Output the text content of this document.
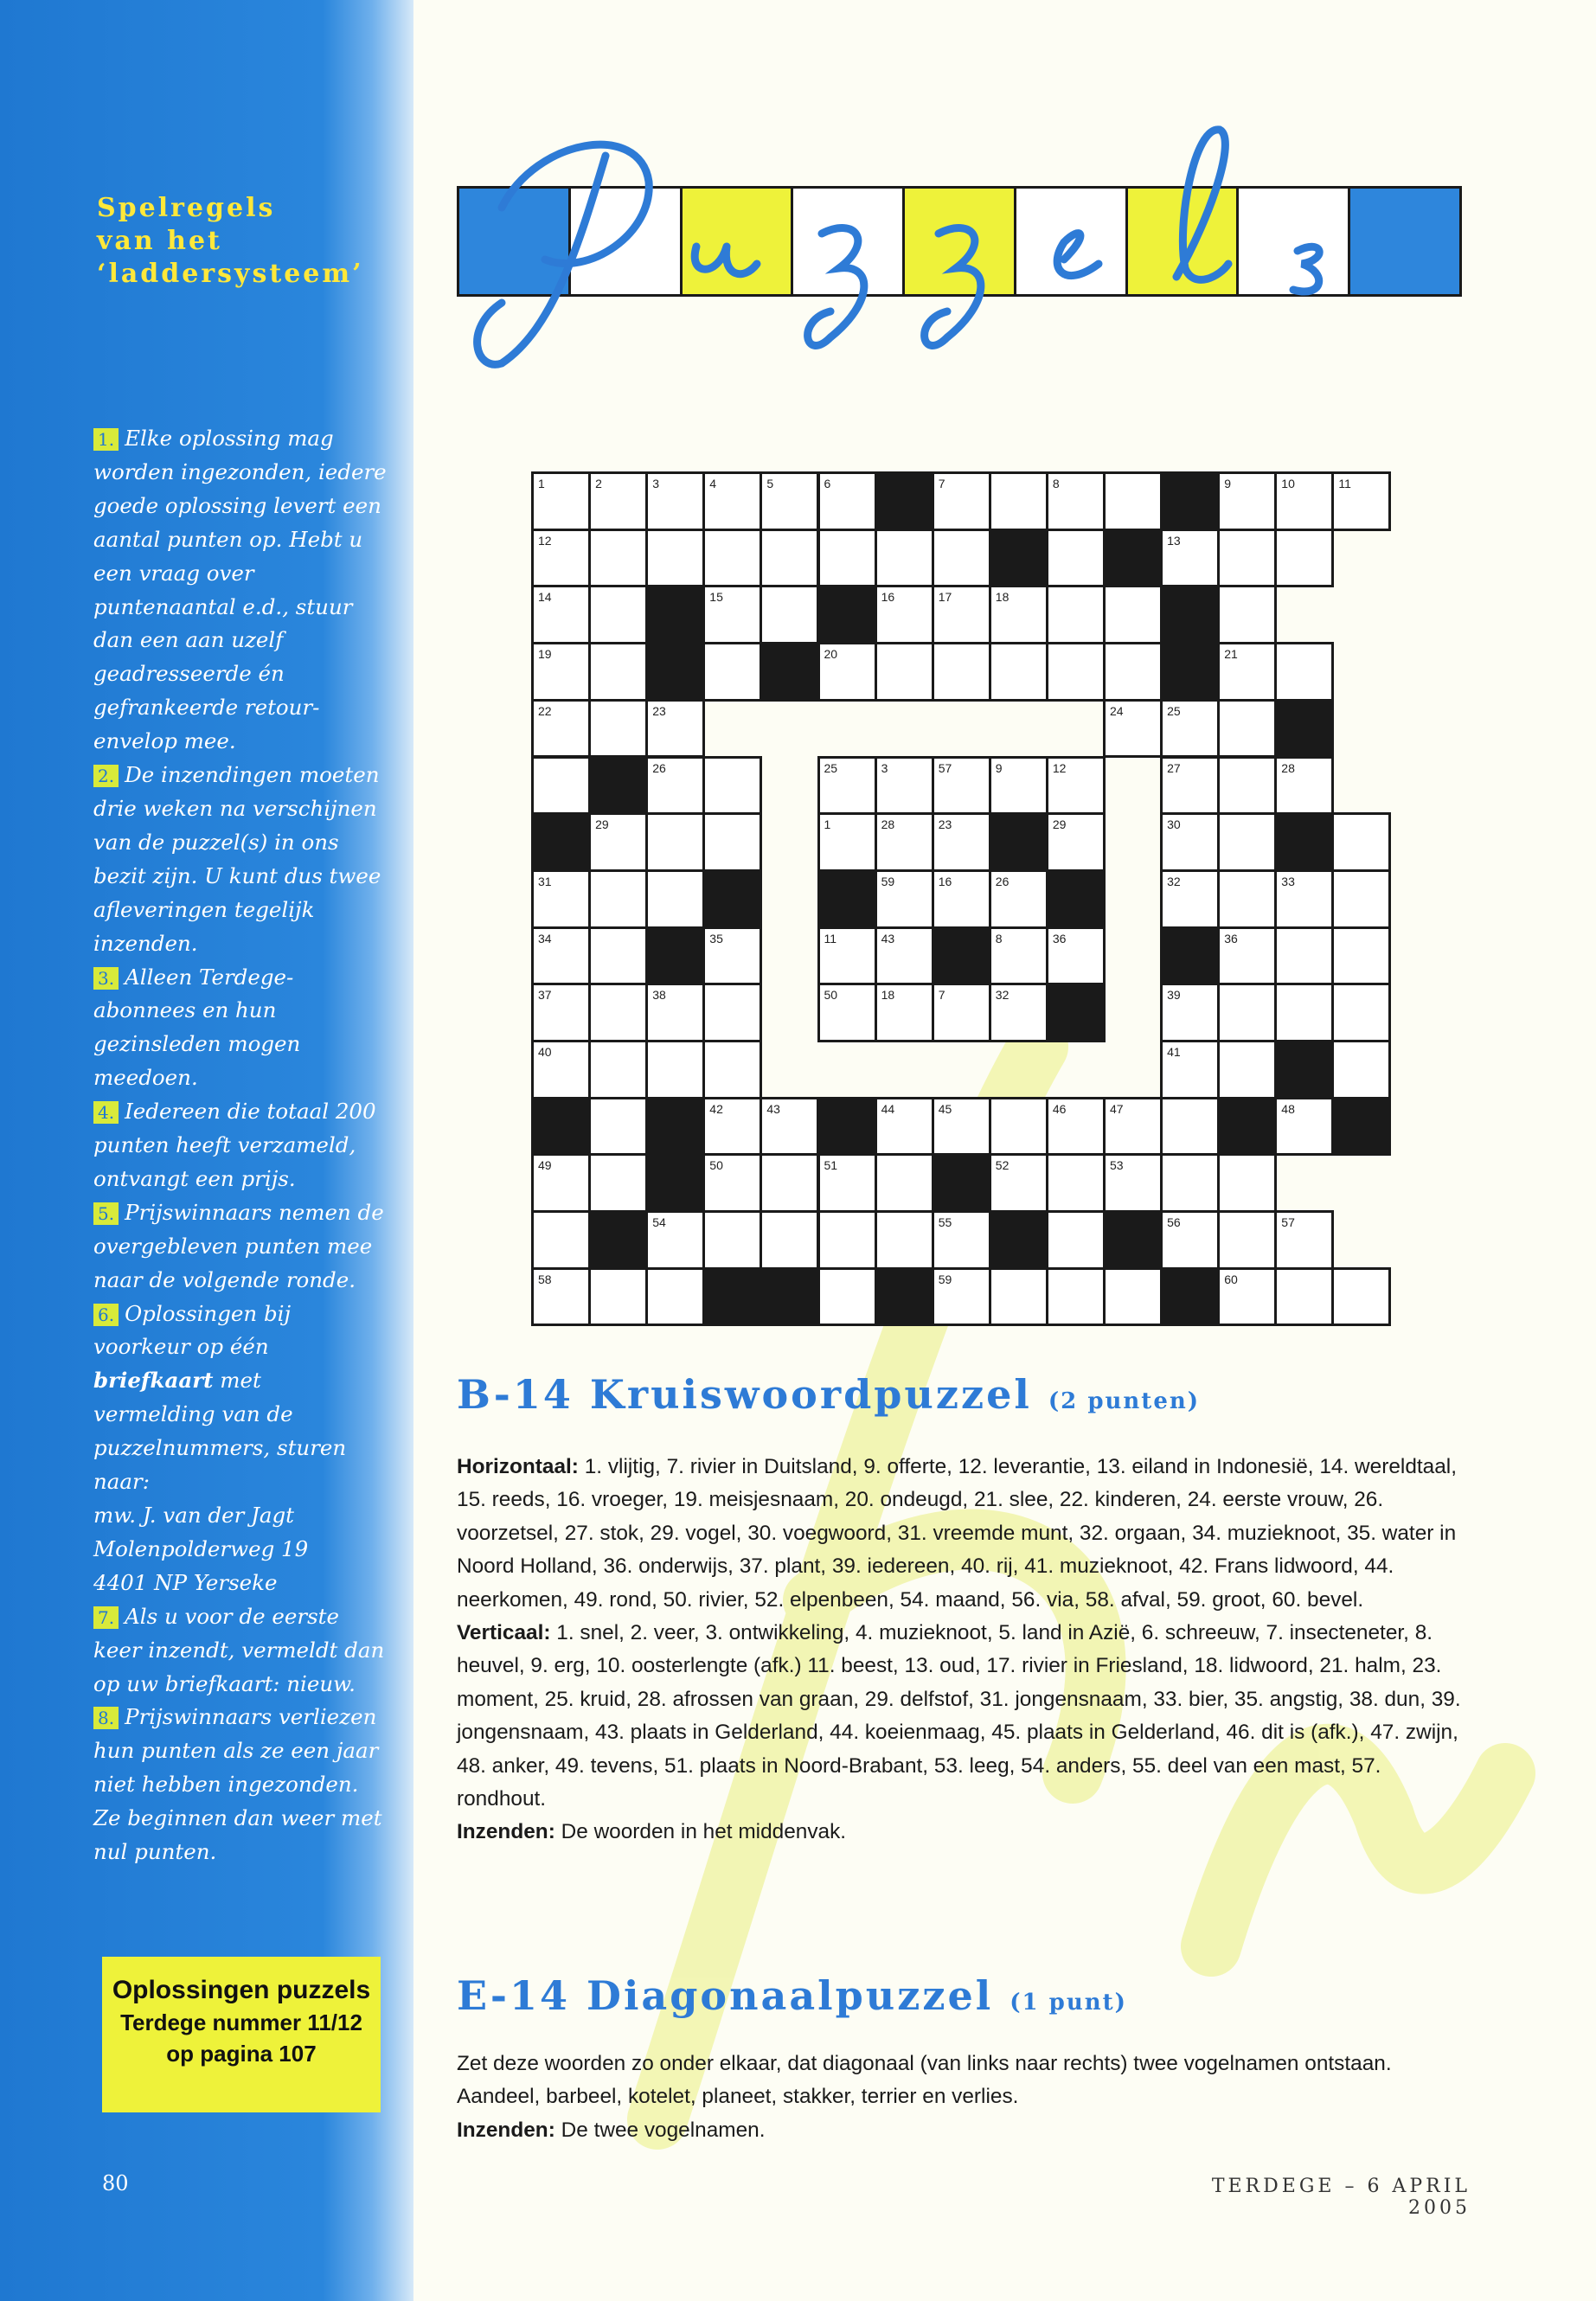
Spelregels
van het
‘laddersysteem’
1. Elke oplossing mag worden ingezonden, iedere goede oplossing levert een aantal punten op. Hebt u een vraag over puntenaantal e.d., stuur dan een aan uzelf geadresseerde én gefrankeerde retour-envelop mee.
2. De inzendingen moeten drie weken na verschijnen van de puzzel(s) in ons bezit zijn. U kunt dus twee afleveringen tegelijk inzenden.
3. Alleen Terdege-abonnees en hun gezinsleden mogen meedoen.
4. Iedereen die totaal 200 punten heeft verzameld, ontvangt een prijs.
5. Prijswinnaars nemen de overgebleven punten mee naar de volgende ronde.
6. Oplossingen bij voorkeur op één briefkaart met vermelding van de puzzelnummers, sturen naar:
mw. J. van der Jagt
Molenpolderweg 19
4401 NP Yerseke
7. Als u voor de eerste keer inzendt, vermeldt dan op uw briefkaart: nieuw.
8. Prijswinnaars verliezen hun punten als ze een jaar niet hebben ingezonden. Ze beginnen dan weer met nul punten.
Oplossingen puzzels
Terdege nummer 11/12
op pagina 107
80
Puzzels
1	2	3	4	5	6	7	8	9	10	11
12	13
14	15	16	17	18
19	20	21
22	23	24	25
26	25	3	57	9	12	27	28
29	1	28	23	29	30
31	59	16	26	32	33
34	35	11	43	8	36	36
37	38	50	18	7	32	39
40	41
42	43	44	45	46	47	48
49	50	51	52	53
54	55	56	57
58	59	60
B-14 Kruiswoordpuzzel (2 punten)
Horizontaal: 1. vlijtig, 7. rivier in Duitsland, 9. offerte, 12. leverantie, 13. eiland in Indonesië, 14. wereldtaal, 15. reeds, 16. vroeger, 19. meisjesnaam, 20. ondeugd, 21. slee, 22. kinderen, 24. eerste vrouw, 26. voorzetsel, 27. stok, 29. vogel, 30. voegwoord, 31. vreemde munt, 32. orgaan, 34. muzieknoot, 35. water in Noord Holland, 36. onderwijs, 37. plant, 39. iedereen, 40. rij, 41. muzieknoot, 42. Frans lidwoord, 44. neerkomen, 49. rond, 50. rivier, 52. elpenbeen, 54. maand, 56. via, 58. afval, 59. groot, 60. bevel.
Verticaal: 1. snel, 2. veer, 3. ontwikkeling, 4. muzieknoot, 5. land in Azië, 6. schreeuw, 7. insecteneter, 8. heuvel, 9. erg, 10. oosterlengte (afk.) 11. beest, 13. oud, 17. rivier in Friesland, 18. lidwoord, 21. halm, 23. moment, 25. kruid, 28. afrossen van graan, 29. delfstof, 31. jongensnaam, 33. bier, 35. angstig, 38. dun, 39. jongensnaam, 43. plaats in Gelderland, 44. koeienmaag, 45. plaats in Gelderland, 46. dit is (afk.), 47. zwijn, 48. anker, 49. tevens, 51. plaats in Noord-Brabant, 53. leeg, 54. anders, 55. deel van een mast, 57. rondhout.
Inzenden: De woorden in het middenvak.
E-14 Diagonaalpuzzel (1 punt)
Zet deze woorden zo onder elkaar, dat diagonaal (van links naar rechts) twee vogelnamen ontstaan. Aandeel, barbeel, kotelet, planeet, stakker, terrier en verlies.
Inzenden: De twee vogelnamen.
TERDEGE – 6 APRIL 2005
